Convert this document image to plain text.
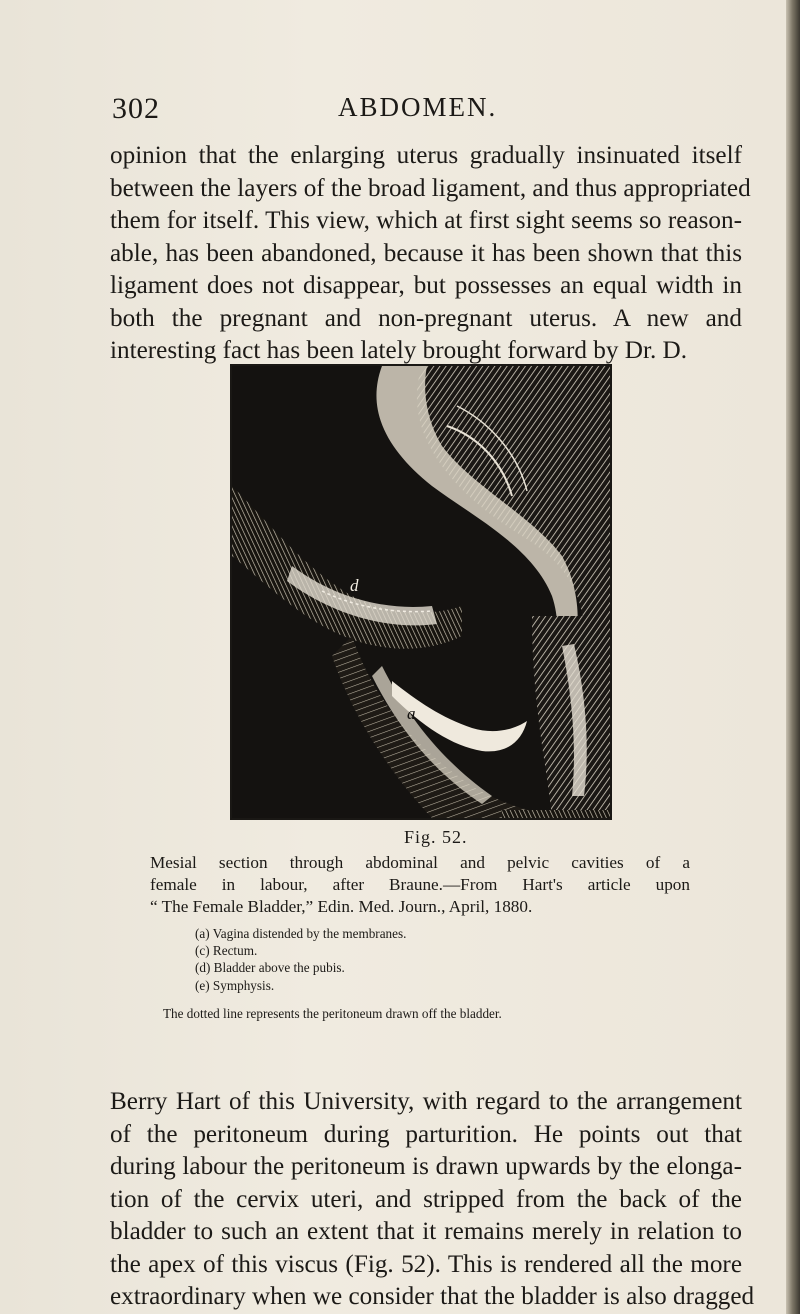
302	ABDOMEN.
opinion that the enlarging uterus gradually insinuated itself
between the layers of the broad ligament, and thus appropriated
them for itself. This view, which at first sight seems so reason-
able, has been abandoned, because it has been shown that this
ligament does not disappear, but possesses an equal width in
both the pregnant and non-pregnant uterus. A new and
interesting fact has been lately brought forward by Dr. D.
d
a
Fig. 52.
Mesial section through abdominal and pelvic cavities of a
female in labour, after Braune.—From Hart's article upon
“ The Female Bladder,” Edin. Med. Journ., April, 1880.
(a) Vagina distended by the membranes.
(c) Rectum.
(d) Bladder above the pubis.
(e) Symphysis.
The dotted line represents the peritoneum drawn off the bladder.
Berry Hart of this University, with regard to the arrangement
of the peritoneum during parturition. He points out that
during labour the peritoneum is drawn upwards by the elonga-
tion of the cervix uteri, and stripped from the back of the
bladder to such an extent that it remains merely in relation to
the apex of this viscus (Fig. 52). This is rendered all the more
extraordinary when we consider that the bladder is also dragged
